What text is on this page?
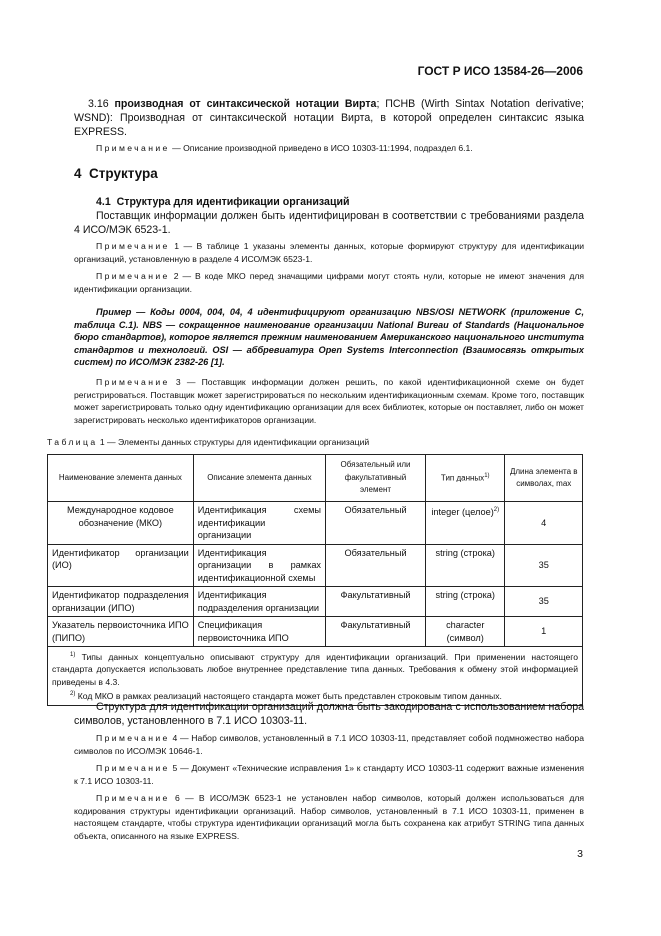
ГОСТ Р ИСО 13584-26—2006
3.16 производная от синтаксической нотации Вирта; ПСНВ (Wirth Sintax Notation derivative; WSND): Производная от синтаксической нотации Вирта, в которой определен синтаксис языка EXPRESS.
Примечание — Описание производной приведено в ИСО 10303-11:1994, подраздел 6.1.
4 Структура
4.1 Структура для идентификации организаций
Поставщик информации должен быть идентифицирован в соответствии с требованиями раздела 4 ИСО/МЭК 6523-1.
Примечание 1 — В таблице 1 указаны элементы данных, которые формируют структуру для идентификации организаций, установленную в разделе 4 ИСО/МЭК 6523-1.
Примечание 2 — В коде МКО перед значащими цифрами могут стоять нули, которые не имеют значения для идентификации организации.
Пример — Коды 0004, 004, 04, 4 идентифицируют организацию NBS/OSI NETWORK (приложение С, таблица С.1). NBS — сокращенное наименование организации National Bureau of Standards (Национальное бюро стандартов), которое является прежним наименованием Американского национального института стандартов и технологий. OSI — аббревиатура Open Systems Interconnection (Взаимосвязь открытых систем) по ИСО/МЭК 2382-26 [1].
Примечание 3 — Поставщик информации должен решить, по какой идентификационной схеме он будет регистрироваться. Поставщик может зарегистрироваться по нескольким идентификационным схемам. Кроме того, поставщик может зарегистрировать только одну идентификацию организации для всех библиотек, которые он поставляет, либо он может зарегистрировать несколько идентификаторов организации.
Таблица 1 — Элементы данных структуры для идентификации организаций
Наименование элемента данных	Описание элемента данных	Обязательный или факультативный элемент	Тип данных$^{1)}$	Длина элемента в символах, max
Международное кодовое обозначение (МКО)	Идентификация схемы идентификации организации	Обязательный	integer (целое)$^{2)}$	4
Идентификатор организации (ИО)	Идентификация организации в рамках идентификационной схемы	Обязательный	string (строка)	35
Идентификатор подразделения организации (ИПО)	Идентификация подразделения организации	Факультативный	string (строка)	35
Указатель первоисточника ИПО (ПИПО)	Спецификация первоисточника ИПО	Факультативный	character (символ)	1

$^{1)}$ Типы данных концептуально описывают структуру для идентификации организаций. При применении настоящего стандарта допускается использовать любое внутреннее представление типа данных. Требования к обмену этой информацией приведены в 4.3.
$^{2)}$ Код МКО в рамках реализаций настоящего стандарта может быть представлен строковым типом данных.				
Структура для идентификации организаций должна быть закодирована с использованием набора символов, установленного в 7.1 ИСО 10303-11.
Примечание 4 — Набор символов, установленный в 7.1 ИСО 10303-11, представляет собой подмножество набора символов по ИСО/МЭК 10646-1.
Примечание 5 — Документ «Технические исправления 1» к стандарту ИСО 10303-11 содержит важные изменения к 7.1 ИСО 10303-11.
Примечание 6 — В ИСО/МЭК 6523-1 не установлен набор символов, который должен использоваться для кодирования структуры идентификации организаций. Набор символов, установленный в 7.1 ИСО 10303-11, применен в настоящем стандарте, чтобы структура идентификации организаций могла быть сохранена как атрибут STRING типа данных объекта, описанного на языке EXPRESS.
3
